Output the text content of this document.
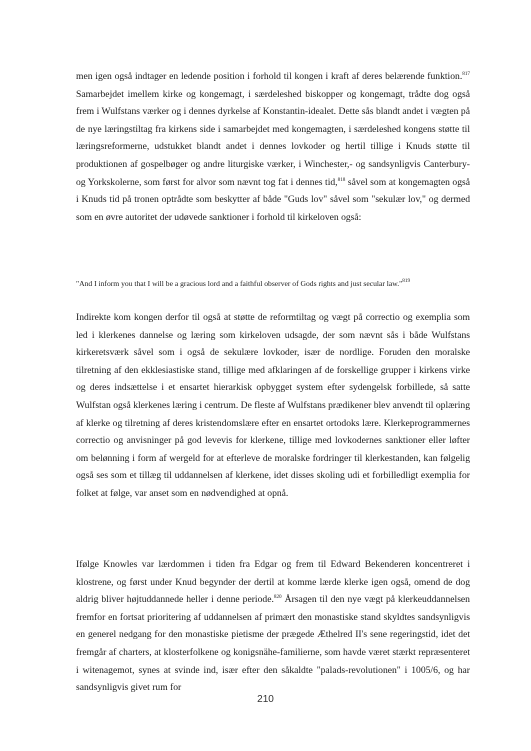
men igen også indtager en ledende position i forhold til kongen i kraft af deres belærende funktion.$^{817}$ Samarbejdet imellem kirke og kongemagt, i særdeleshed biskopper og kongemagt, trådte dog også frem i Wulfstans værker og i dennes dyrkelse af Konstantin-idealet. Dette sås blandt andet i vægten på de nye læringstiltag fra kirkens side i samarbejdet med kongemagten, i særdeleshed kongens støtte til læringsreformerne, udstukket blandt andet i dennes lovkoder og hertil tillige i Knuds støtte til produktionen af gospelbøger og andre liturgiske værker, i Winchester,- og sandsynligvis Canterbury- og Yorkskolerne, som først for alvor som nævnt tog fat i dennes tid,$^{818}$ såvel som at kongemagten også i Knuds tid på tronen optrådte som beskytter af både "Guds lov" såvel som "sekulær lov," og dermed som en øvre autoritet der udøvede sanktioner i forhold til kirkeloven også:

"And I inform you that I will be a gracious lord and a faithful observer of Gods rights and just secular law."$^{819}$

Indirekte kom kongen derfor til også at støtte de reformtiltag og vægt på correctio og exemplia som led i klerkenes dannelse og læring som kirkeloven udsagde, der som nævnt sås i både Wulfstans kirkeretsværk såvel som i også de sekulære lovkoder, især de nordlige. Foruden den moralske tilretning af den ekklesiastiske stand, tillige med afklaringen af de forskellige grupper i kirkens virke og deres indsættelse i et ensartet hierarkisk opbygget system efter sydengelsk forbillede, så satte Wulfstan også klerkenes læring i centrum. De fleste af Wulfstans prædikener blev anvendt til oplæring af klerke og tilretning af deres kristendomslære efter en ensartet ortodoks lære. Klerkeprogrammernes correctio og anvisninger på god levevis for klerkene, tillige med lovkodernes sanktioner eller løfter om belønning i form af wergeld for at efterleve de moralske fordringer til klerkestanden, kan følgelig også ses som et tillæg til uddannelsen af klerkene, idet disses skoling udi et forbilledligt exemplia for folket at følge, var anset som en nødvendighed at opnå.

Ifølge Knowles var lærdommen i tiden fra Edgar og frem til Edward Bekenderen koncentreret i klostrene, og først under Knud begynder der dertil at komme lærde klerke igen også, omend de dog aldrig bliver højtuddannede heller i denne periode.$^{820}$ Årsagen til den nye vægt på klerkeuddannelsen fremfor en fortsat prioritering af uddannelsen af primært den monastiske stand skyldtes sandsynligvis en generel nedgang for den monastiske pietisme der prægede Æthelred II's sene regeringstid, idet det fremgår af charters, at klosterfolkene og konigsnähe-familierne, som havde været stærkt repræsenteret i witenagemot, synes at svinde ind, især efter den såkaldte "palads-revolutionen" i 1005/6, og har sandsynligvis givet rum for

210
